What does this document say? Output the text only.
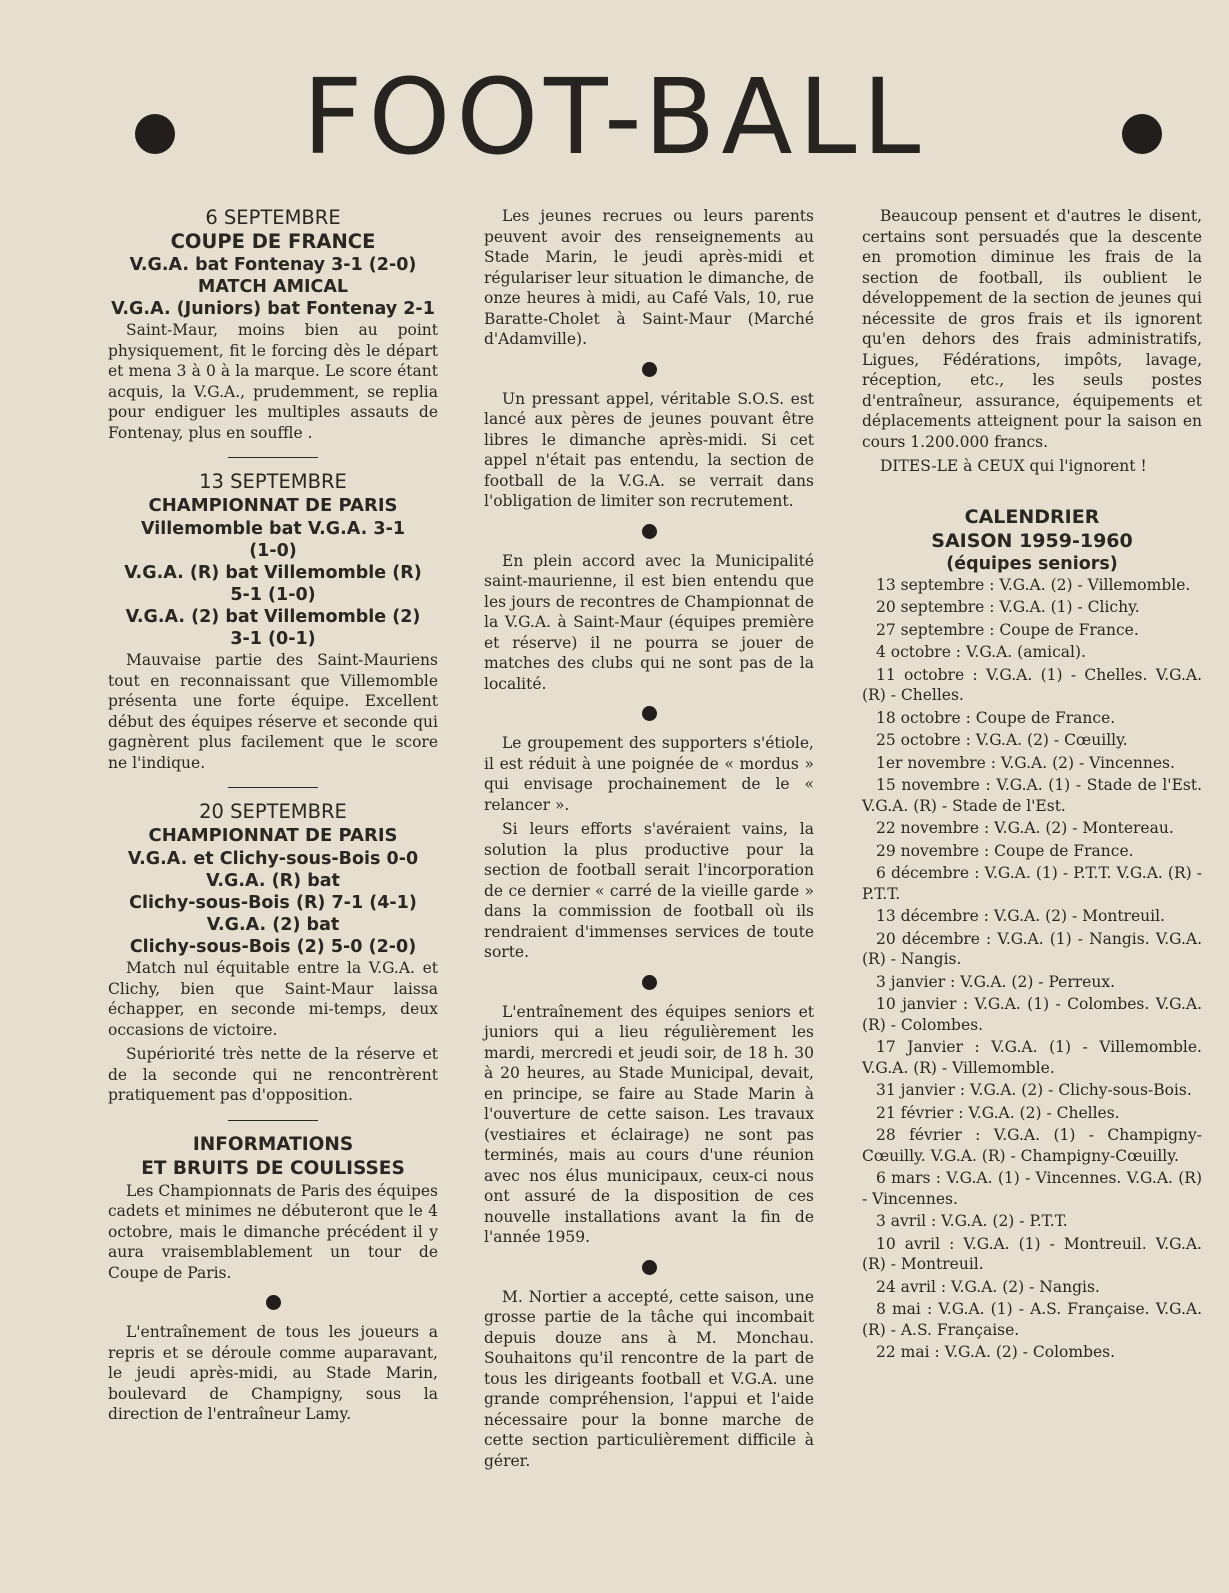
FOOT-BALL
6 SEPTEMBRE
COUPE DE FRANCE
V.G.A. bat Fontenay 3-1 (2-0)
MATCH AMICAL
V.G.A. (Juniors) bat Fontenay 2-1

Saint-Maur, moins bien au point physiquement, fit le forcing dès le départ et mena 3 à 0 à la marque. Le score étant acquis, la V.G.A., prudemment, se replia pour endiguer les multiples assauts de Fontenay, plus en souffle .

13 SEPTEMBRE
CHAMPIONNAT DE PARIS
Villemomble bat V.G.A. 3-1
(1-0)
V.G.A. (R) bat Villemomble (R)
5-1 (1-0)
V.G.A. (2) bat Villemomble (2)
3-1 (0-1)

Mauvaise partie des Saint-Mauriens tout en reconnaissant que Villemomble présenta une forte équipe. Excellent début des équipes réserve et seconde qui gagnèrent plus facilement que le score ne l'indique.

20 SEPTEMBRE
CHAMPIONNAT DE PARIS
V.G.A. et Clichy-sous-Bois 0-0
V.G.A. (R) bat
Clichy-sous-Bois (R) 7-1 (4-1)
V.G.A. (2) bat
Clichy-sous-Bois (2) 5-0 (2-0)

Match nul équitable entre la V.G.A. et Clichy, bien que Saint-Maur laissa échapper, en seconde mi-temps, deux occasions de victoire.

Supériorité très nette de la réserve et de la seconde qui ne rencontrèrent pratiquement pas d'opposition.

INFORMATIONS
ET BRUITS DE COULISSES

Les Championnats de Paris des équipes cadets et minimes ne débuteront que le 4 octobre, mais le dimanche précédent il y aura vraisemblablement un tour de Coupe de Paris.

L'entraînement de tous les joueurs a repris et se déroule comme auparavant, le jeudi après-midi, au Stade Marin, boulevard de Champigny, sous la direction de l'entraîneur Lamy.

Les jeunes recrues ou leurs parents peuvent avoir des renseignements au Stade Marin, le jeudi après-midi et régulariser leur situation le dimanche, de onze heures à midi, au Café Vals, 10, rue Baratte-Cholet à Saint-Maur (Marché d'Adamville).

Un pressant appel, véritable S.O.S. est lancé aux pères de jeunes pouvant être libres le dimanche après-midi. Si cet appel n'était pas entendu, la section de football de la V.G.A. se verrait dans l'obligation de limiter son recrutement.

En plein accord avec la Municipalité saint-maurienne, il est bien entendu que les jours de recontres de Championnat de la V.G.A. à Saint-Maur (équipes première et réserve) il ne pourra se jouer de matches des clubs qui ne sont pas de la localité.

Le groupement des supporters s'étiole, il est réduit à une poignée de « mordus » qui envisage prochainement de le « relancer ».

Si leurs efforts s'avéraient vains, la solution la plus productive pour la section de football serait l'incorporation de ce dernier « carré de la vieille garde » dans la commission de football où ils rendraient d'immenses services de toute sorte.

L'entraînement des équipes seniors et juniors qui a lieu régulièrement les mardi, mercredi et jeudi soir, de 18 h. 30 à 20 heures, au Stade Municipal, devait, en principe, se faire au Stade Marin à l'ouverture de cette saison. Les travaux (vestiaires et éclairage) ne sont pas terminés, mais au cours d'une réunion avec nos élus municipaux, ceux-ci nous ont assuré de la disposition de ces nouvelle installations avant la fin de l'année 1959.

M. Nortier a accepté, cette saison, une grosse partie de la tâche qui incombait depuis douze ans à M. Monchau. Souhaitons qu'il rencontre de la part de tous les dirigeants football et V.G.A. une grande compréhension, l'appui et l'aide nécessaire pour la bonne marche de cette section particulièrement difficile à gérer.

Beaucoup pensent et d'autres le disent, certains sont persuadés que la descente en promotion diminue les frais de la section de football, ils oublient le développement de la section de jeunes qui nécessite de gros frais et ils ignorent qu'en dehors des frais administratifs, Ligues, Fédérations, impôts, lavage, réception, etc., les seuls postes d'entraîneur, assurance, équipements et déplacements atteignent pour la saison en cours 1.200.000 francs.

DITES-LE à CEUX qui l'ignorent !

CALENDRIER
SAISON 1959-1960
(équipes seniors)

13 septembre : V.G.A. (2) - Villemomble.

20 septembre : V.G.A. (1) - Clichy.

27 septembre : Coupe de France.

4 octobre : V.G.A. (amical).

11 octobre : V.G.A. (1) - Chelles. V.G.A. (R) - Chelles.

18 octobre : Coupe de France.

25 octobre : V.G.A. (2) - Cœuilly.

1er novembre : V.G.A. (2) - Vincennes.

15 novembre : V.G.A. (1) - Stade de l'Est. V.G.A. (R) - Stade de l'Est.

22 novembre : V.G.A. (2) - Montereau.

29 novembre : Coupe de France.

6 décembre : V.G.A. (1) - P.T.T. V.G.A. (R) - P.T.T.

13 décembre : V.G.A. (2) - Montreuil.

20 décembre : V.G.A. (1) - Nangis. V.G.A. (R) - Nangis.

3 janvier : V.G.A. (2) - Perreux.

10 janvier : V.G.A. (1) - Colombes. V.G.A. (R) - Colombes.

17 Janvier : V.G.A. (1) - Villemomble. V.G.A. (R) - Villemomble.

31 janvier : V.G.A. (2) - Clichy-sous-Bois.

21 février : V.G.A. (2) - Chelles.

28 février : V.G.A. (1) - Champigny-Cœuilly. V.G.A. (R) - Champigny-Cœuilly.

6 mars : V.G.A. (1) - Vincennes. V.G.A. (R) - Vincennes.

3 avril : V.G.A. (2) - P.T.T.

10 avril : V.G.A. (1) - Montreuil. V.G.A. (R) - Montreuil.

24 avril : V.G.A. (2) - Nangis.

8 mai : V.G.A. (1) - A.S. Française. V.G.A. (R) - A.S. Française.

22 mai : V.G.A. (2) - Colombes.
